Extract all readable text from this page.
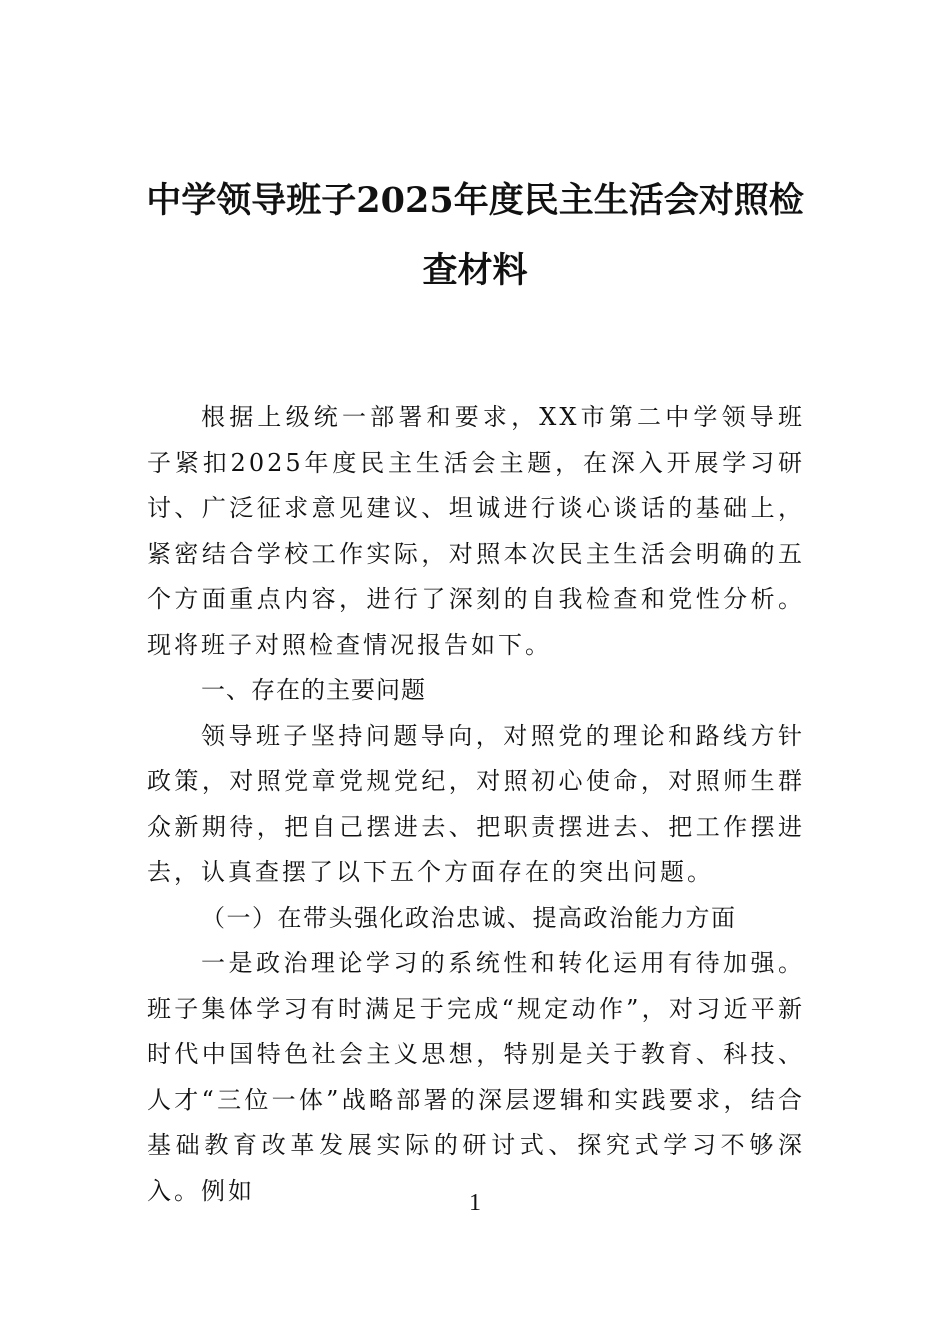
中学领导班子2025年度民主生活会对照检
查材料

根据上级统一部署和要求，XX市第二中学领导班子紧扣2025年度民主生活会主题，在深入开展学习研讨、广泛征求意见建议、坦诚进行谈心谈话的基础上，紧密结合学校工作实际，对照本次民主生活会明确的五个方面重点内容，进行了深刻的自我检查和党性分析。现将班子对照检查情况报告如下。

一、存在的主要问题

领导班子坚持问题导向，对照党的理论和路线方针政策，对照党章党规党纪，对照初心使命，对照师生群众新期待，把自己摆进去、把职责摆进去、把工作摆进去，认真查摆了以下五个方面存在的突出问题。

（一）在带头强化政治忠诚、提高政治能力方面

一是政治理论学习的系统性和转化运用有待加强。班子集体学习有时满足于完成“规定动作”，对习近平新时代中国特色社会主义思想，特别是关于教育、科技、人才“三位一体”战略部署的深层逻辑和实践要求，结合基础教育改革发展实际的研讨式、探究式学习不够深入。例如	1
